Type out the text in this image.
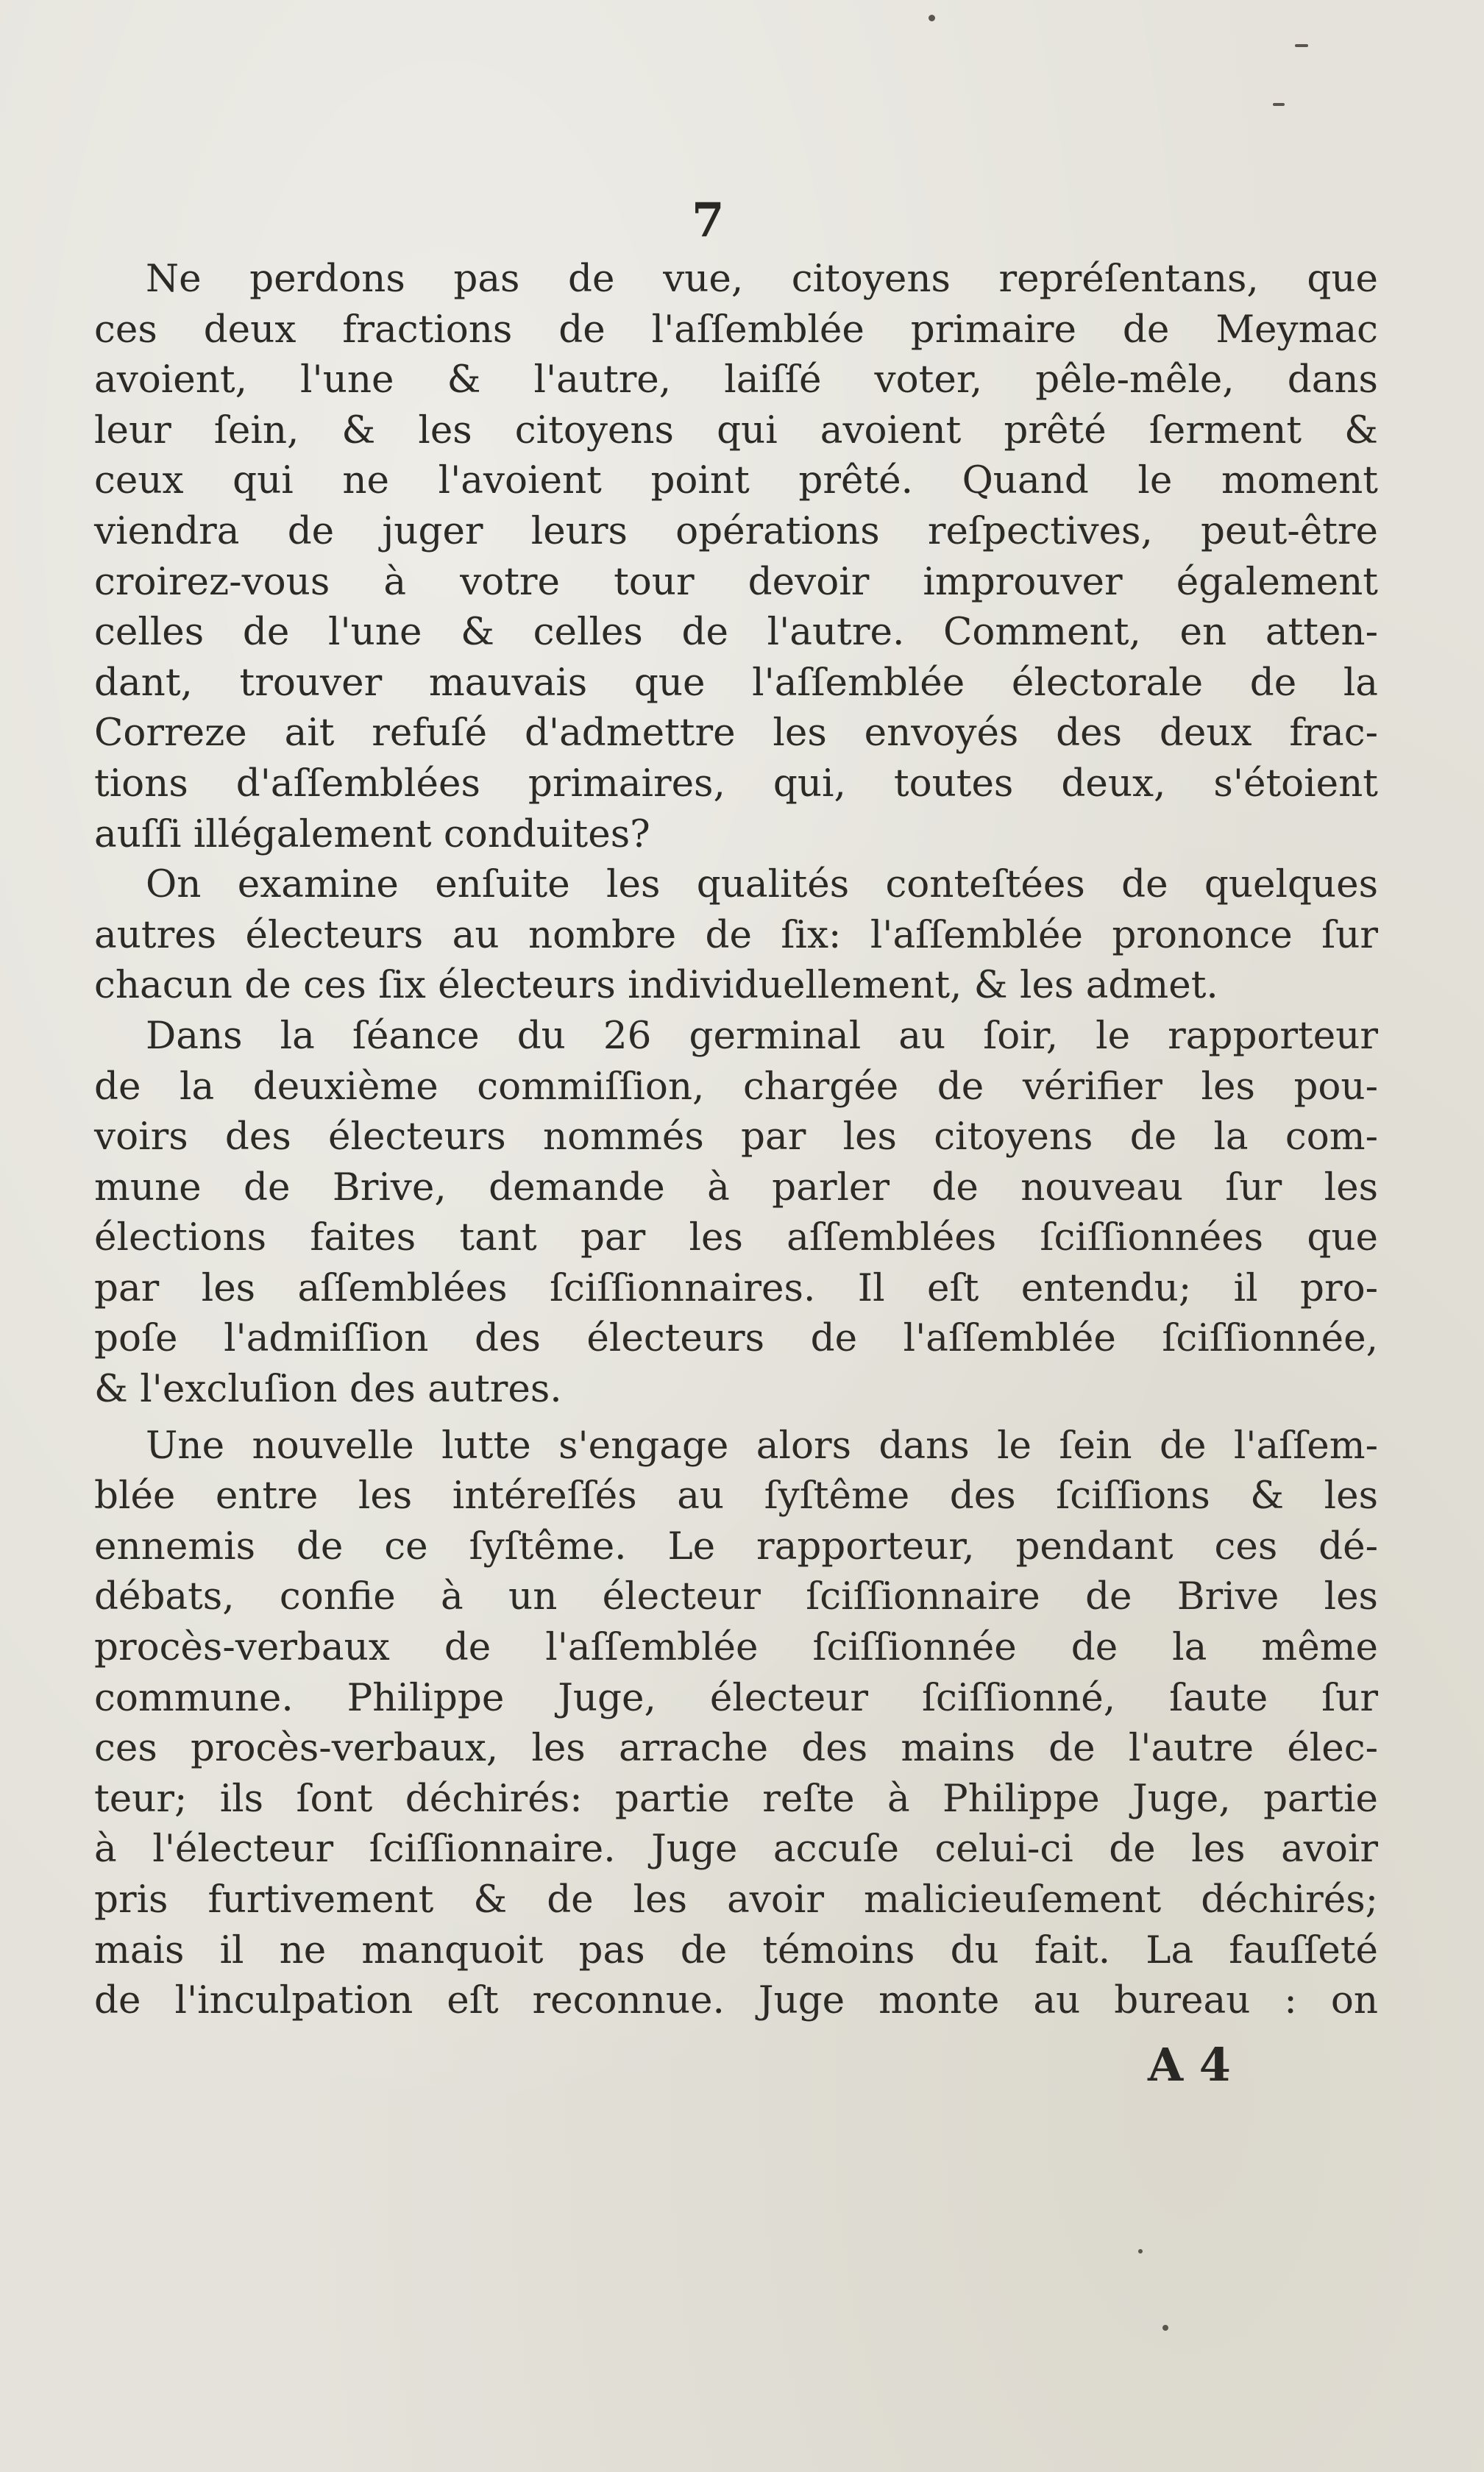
7

Ne perdons pas de vue, citoyens repréſentans, que
ces deux fractions de l'aſſemblée primaire de Meymac
avoient, l'une & l'autre, laiſſé voter, pêle-mêle, dans
leur ſein, & les citoyens qui avoient prêté ſerment &
ceux qui ne l'avoient point prêté. Quand le moment
viendra de juger leurs opérations reſpectives, peut-être
croirez-vous à votre tour devoir improuver également
celles de l'une & celles de l'autre. Comment, en atten-
dant, trouver mauvais que l'aſſemblée électorale de la
Correze ait refuſé d'admettre les envoyés des deux frac-
tions d'aſſemblées primaires, qui, toutes deux, s'étoient
auſſi illégalement conduites?

On examine enſuite les qualités conteſtées de quelques
autres électeurs au nombre de ſix: l'aſſemblée prononce ſur
chacun de ces ſix électeurs individuellement, & les admet.

Dans la ſéance du 26 germinal au ſoir, le rapporteur
de la deuxième commiſſion, chargée de vérifier les pou-
voirs des électeurs nommés par les citoyens de la com-
mune de Brive, demande à parler de nouveau ſur les
élections faites tant par les aſſemblées ſciſſionnées que
par les aſſemblées ſciſſionnaires. Il eſt entendu; il pro-
poſe l'admiſſion des électeurs de l'aſſemblée ſciſſionnée,
& l'excluſion des autres.

Une nouvelle lutte s'engage alors dans le ſein de l'aſſem-
blée entre les intéreſſés au ſyſtême des ſciſſions & les
ennemis de ce ſyſtême. Le rapporteur, pendant ces dé-
débats, confie à un électeur ſciſſionnaire de Brive les
procès-verbaux de l'aſſemblée ſciſſionnée de la même
commune. Philippe Juge, électeur ſciſſionné, ſaute ſur
ces procès-verbaux, les arrache des mains de l'autre élec-
teur; ils ſont déchirés: partie reſte à Philippe Juge, partie
à l'électeur ſciſſionnaire. Juge accuſe celui-ci de les avoir
pris furtivement & de les avoir malicieuſement déchirés;
mais il ne manquoit pas de témoins du fait. La fauſſeté
de l'inculpation eſt reconnue. Juge monte au bureau : on

A 4
